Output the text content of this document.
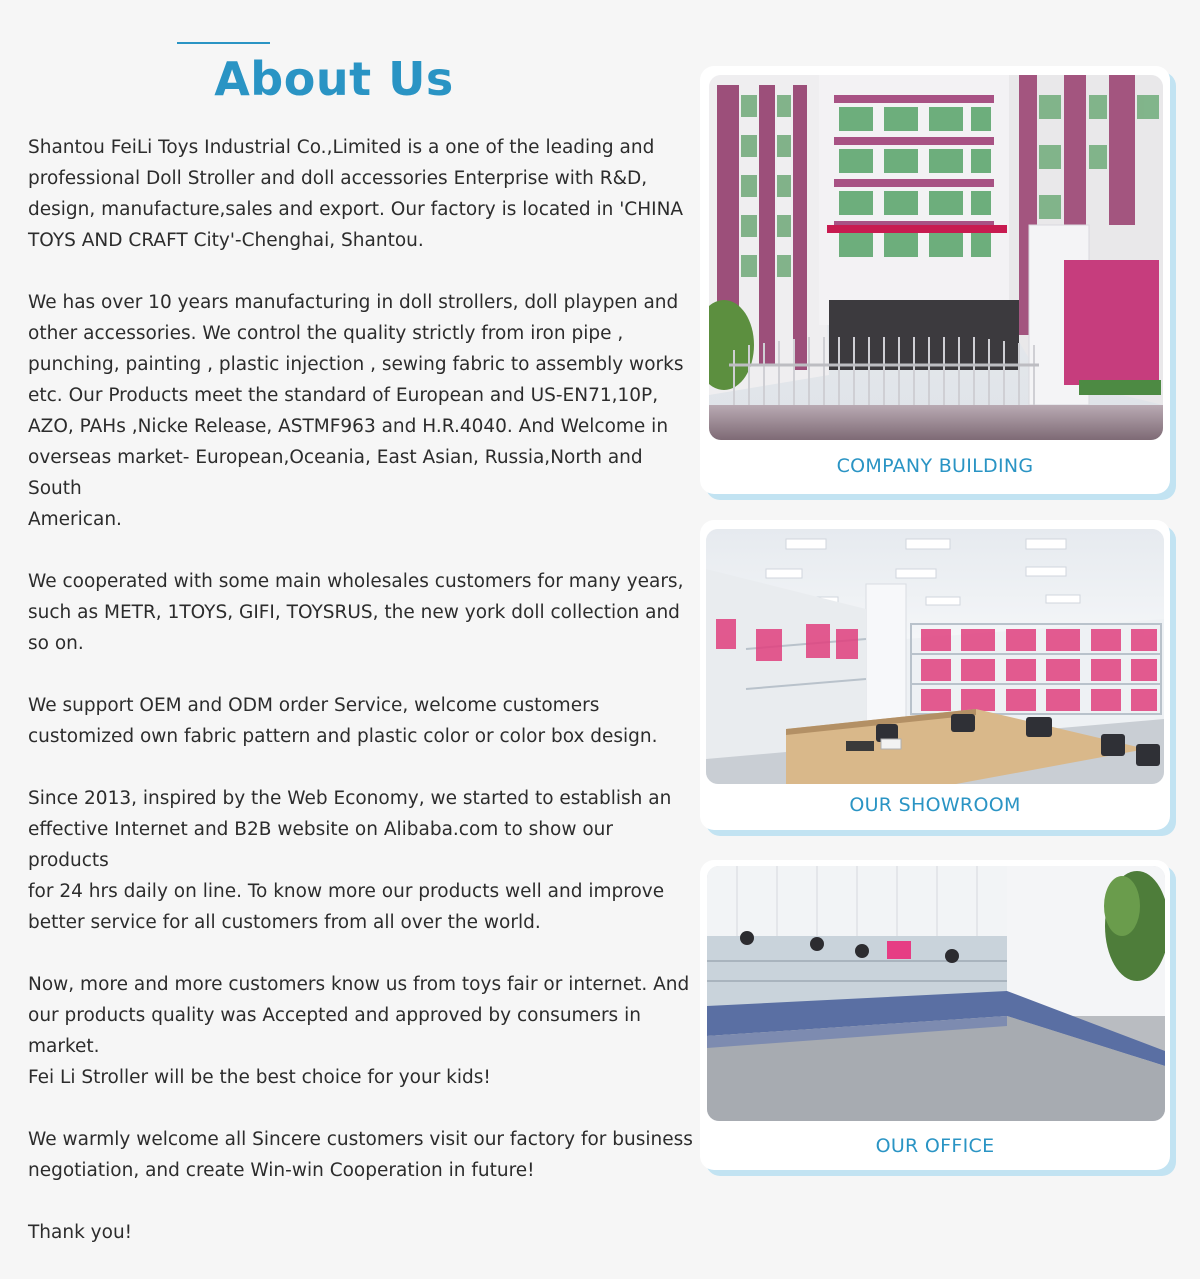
About Us

Shantou FeiLi Toys Industrial Co.,Limited is a one of the leading and
professional Doll Stroller and doll accessories Enterprise with R&D,
design, manufacture,sales and export. Our factory is located in 'CHINA
TOYS AND CRAFT City'-Chenghai, Shantou.

We has over 10 years manufacturing in doll strollers, doll playpen and
other accessories. We control the quality strictly from iron pipe ,
punching, painting , plastic injection , sewing fabric to assembly works
etc. Our Products meet the standard of European and US-EN71,10P,
AZO, PAHs ,Nicke Release, ASTMF963 and H.R.4040. And Welcome in
overseas market- European,Oceania, East Asian, Russia,North and South
American.

We cooperated with some main wholesales customers for many years,
such as METR, 1TOYS, GIFI, TOYSRUS, the new york doll collection and
so on.

We support OEM and ODM order Service, welcome customers
customized own fabric pattern and plastic color or color box design.

Since 2013, inspired by the Web Economy, we started to establish an
effective Internet and B2B website on Alibaba.com to show our products
for 24 hrs daily on line. To know more our products well and improve
better service for all customers from all over the world.

Now, more and more customers know us from toys fair or internet. And
our products quality was Accepted and approved by consumers in market.
Fei Li Stroller will be the best choice for your kids!

We warmly welcome all Sincere customers visit our factory for business
negotiation, and create Win-win Cooperation in future!

Thank you!

COMPANY BUILDING
OUR SHOWROOM
OUR OFFICE
